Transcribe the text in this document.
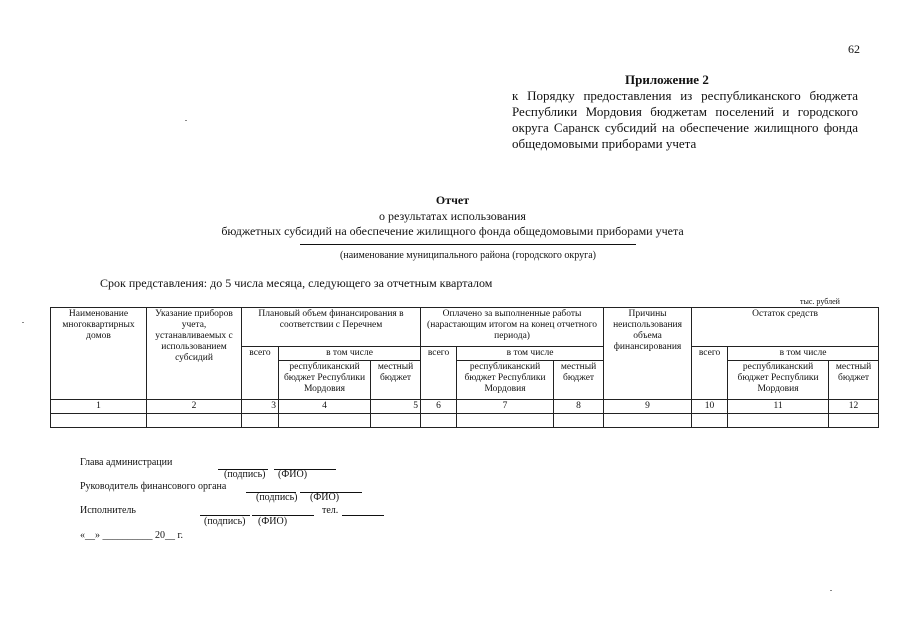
62
Приложение 2
к Порядку предоставления из республиканского бюджета Республики Мордовия бюджетам поселений и городского округа Саранск субсидий на обеспечение жилищного фонда общедомовыми приборами учета
Отчет
о результатах использования
бюджетных субсидий на обеспечение жилищного фонда общедомовыми приборами учета
(наименование муниципального района (городского округа)
Срок представления: до 5 числа месяца, следующего за отчетным кварталом
тыс. рублей
Наименование многоквартирных домов	Указание приборов учета, устанавливаемых с использованием субсидий	Плановый объем финансирования в соответствии с Перечнем			Оплачено за выполненные работы (нарастающим итогом на конец отчетного периода)			Причины неиспользования объема финансирования	Остаток средств		
		всего	в том числе		всего	в том числе			всего	в том числе	
			республиканский бюджет Республики Мордовия	местный бюджет		республиканский бюджет Республики Мордовия	местный бюджет			республиканский бюджет Республики Мордовия	местный бюджет
1	2	3	4	5	6	7	8	9	10	11	12

Глава администрации
(подпись) (ФИО)
Руководитель финансового органа
(подпись) (ФИО)
Исполнитель	тел.
(подпись) (ФИО)
«__» __________ 20__ г.
